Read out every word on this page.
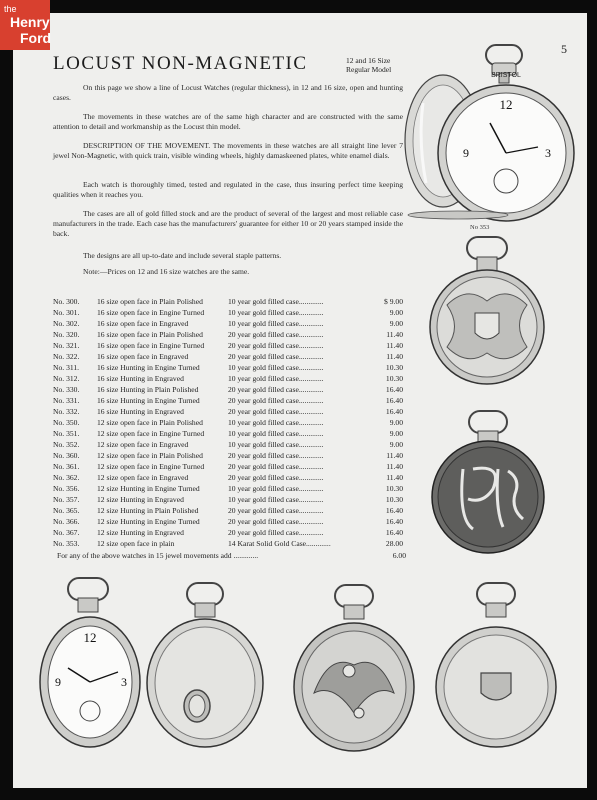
5
LOCUST NON-MAGNETIC	12 and 16 Size
Regular Model
On this page we show a line of Locust Watches (regular thickness), in 12 and 16 size, open and hunting cases.
The movements in these watches are of the same high character and are constructed with the same attention to detail and workmanship as the Locust thin model.
DESCRIPTION OF THE MOVEMENT. The movements in these watches are all straight line lever 7 jewel Non-Magnetic, with quick train, visible winding wheels, highly damaskeened plates, white enamel dials.
Each watch is thoroughly timed, tested and regulated in the case, thus insuring perfect time keeping qualities when it reaches you.
The cases are all of gold filled stock and are the product of several of the largest and most reliable case manufacturers in the trade. Each case has the manufacturers' guarantee for either 10 or 20 years stamped inside the back.
The designs are all up-to-date and include several staple patterns.
Note:—Prices on 12 and 16 size watches are the same.
No. 300. 16 size open face in Plain Polished	10 year gold filled case.............	$ 9.00
No. 301. 16 size open face in Engine Turned	10 year gold filled case.............	9.00
No. 302. 16 size open face in Engraved	10 year gold filled case.............	9.00
No. 320. 16 size open face in Plain Polished	20 year gold filled case.............	11.40
No. 321. 16 size open face in Engine Turned	20 year gold filled case.............	11.40
No. 322. 16 size open face in Engraved	20 year gold filled case.............	11.40
No. 311. 16 size Hunting in Engine Turned	10 year gold filled case.............	10.30
No. 312. 16 size Hunting in Engraved	10 year gold filled case.............	10.30
No. 330. 16 size Hunting in Plain Polished	20 year gold filled case.............	16.40
No. 331. 16 size Hunting in Engine Turned	20 year gold filled case.............	16.40
No. 332. 16 size Hunting in Engraved	20 year gold filled case.............	16.40
No. 350. 12 size open face in Plain Polished	10 year gold filled case.............	9.00
No. 351. 12 size open face in Engine Turned	10 year gold filled case.............	9.00
No. 352. 12 size open face in Engraved	10 year gold filled case.............	9.00
No. 360. 12 size open face in Plain Polished	20 year gold filled case.............	11.40
No. 361. 12 size open face in Engine Turned	20 year gold filled case.............	11.40
No. 362. 12 size open face in Engraved	20 year gold filled case.............	11.40
No. 356. 12 size Hunting in Engine Turned	10 year gold filled case.............	10.30
No. 357. 12 size Hunting in Engraved	10 year gold filled case.............	10.30
No. 365. 12 size Hunting in Plain Polished	20 year gold filled case.............	16.40
No. 366. 12 size Hunting in Engine Turned	20 year gold filled case.............	16.40
No. 367. 12 size Hunting in Engraved	20 year gold filled case.............	16.40
No. 353. 12 size open face in plain	14 Karat Solid Gold Case.............	28.00
For any of the above watches in 15 jewel movements add .............	6.00
BRISTOL
12
3
9
No 353
12
3
9
the
Henry
Ford
